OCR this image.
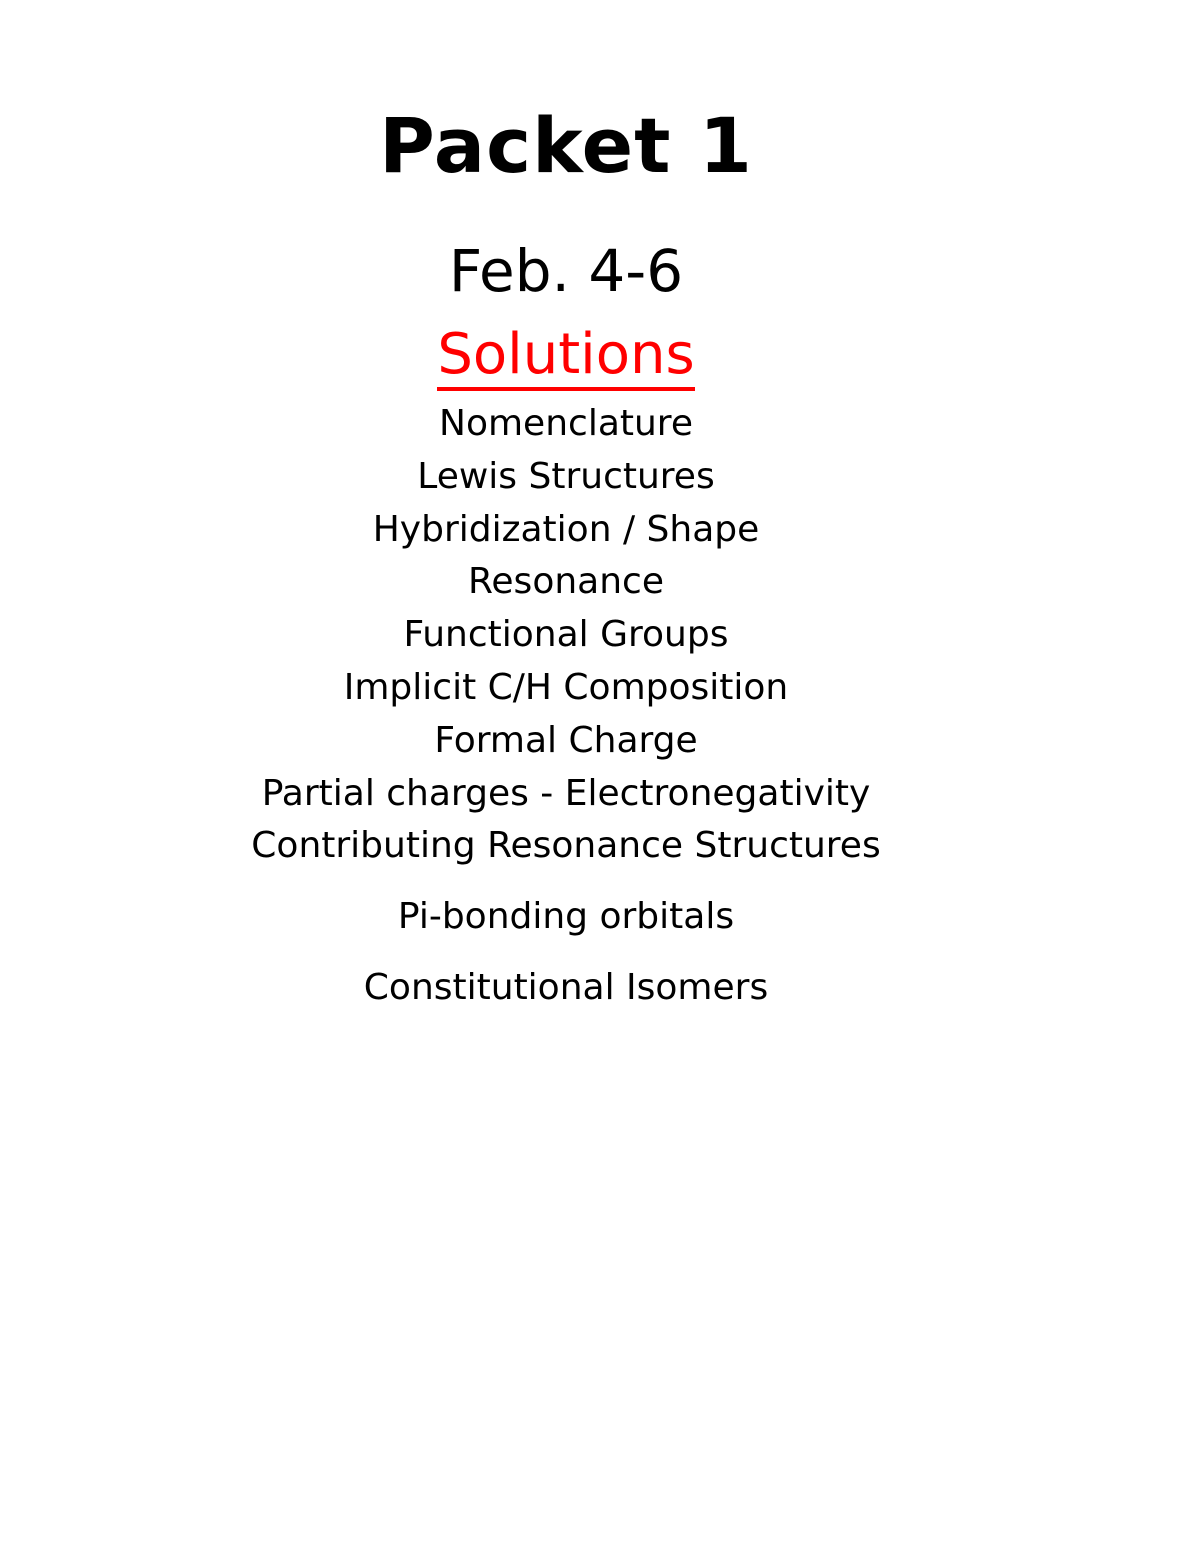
Packet 1
Feb. 4-6
Solutions
Nomenclature
Lewis Structures
Hybridization / Shape
Resonance
Functional Groups
Implicit C/H Composition
Formal Charge
Partial charges - Electronegativity
Contributing Resonance Structures
Pi-bonding orbitals
Constitutional Isomers
